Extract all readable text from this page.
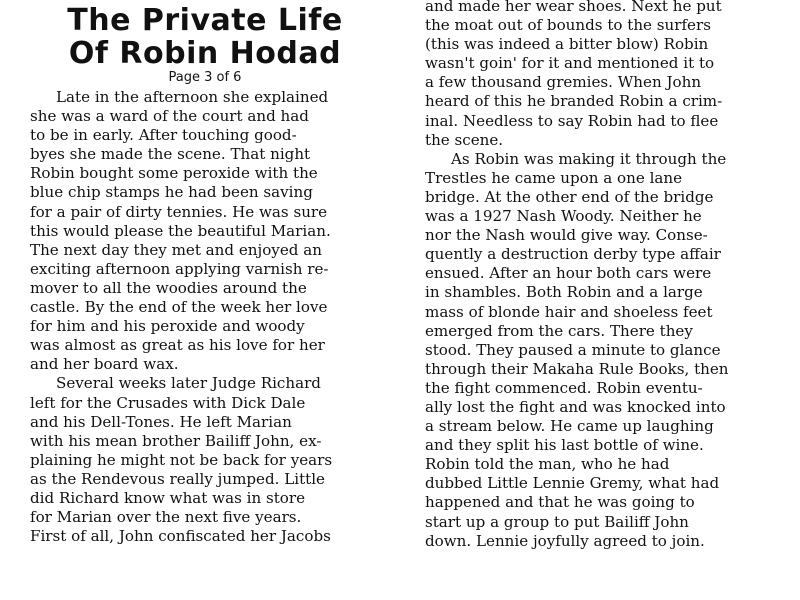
The Private Life
Of Robin Hodad
Page 3 of 6
Late in the afternoon she explained
she was a ward of the court and had
to be in early. After touching good-
byes she made the scene. That night
Robin bought some peroxide with the
blue chip stamps he had been saving
for a pair of dirty tennies. He was sure
this would please the beautiful Marian.
The next day they met and enjoyed an
exciting afternoon applying varnish re-
mover to all the woodies around the
castle. By the end of the week her love
for him and his peroxide and woody
was almost as great as his love for her
and her board wax.
Several weeks later Judge Richard
left for the Crusades with Dick Dale
and his Dell-Tones. He left Marian
with his mean brother Bailiff John, ex-
plaining he might not be back for years
as the Rendevous really jumped. Little
did Richard know what was in store
for Marian over the next five years.
First of all, John confiscated her Jacobs
and made her wear shoes. Next he put
the moat out of bounds to the surfers
(this was indeed a bitter blow) Robin
wasn't goin' for it and mentioned it to
a few thousand gremies. When John
heard of this he branded Robin a crim-
inal. Needless to say Robin had to flee
the scene.
As Robin was making it through the
Trestles he came upon a one lane
bridge. At the other end of the bridge
was a 1927 Nash Woody. Neither he
nor the Nash would give way. Conse-
quently a destruction derby type affair
ensued. After an hour both cars were
in shambles. Both Robin and a large
mass of blonde hair and shoeless feet
emerged from the cars. There they
stood. They paused a minute to glance
through their Makaha Rule Books, then
the fight commenced. Robin eventu-
ally lost the fight and was knocked into
a stream below. He came up laughing
and they split his last bottle of wine.
Robin told the man, who he had
dubbed Little Lennie Gremy, what had
happened and that he was going to
start up a group to put Bailiff John
down. Lennie joyfully agreed to join.
